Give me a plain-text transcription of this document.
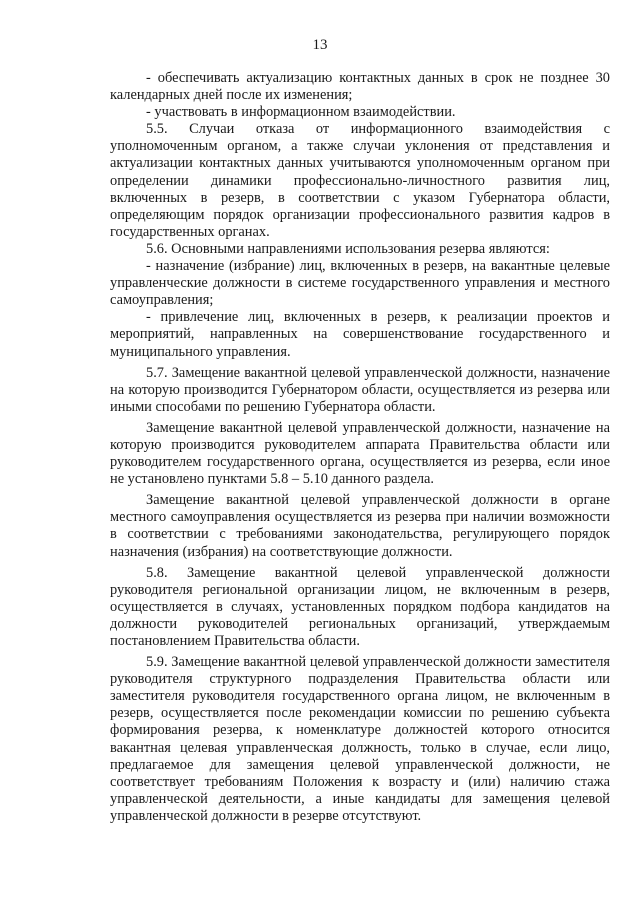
13

- обеспечивать актуализацию контактных данных в срок не позднее 30 календарных дней после их изменения;

- участвовать в информационном взаимодействии.

5.5. Случаи отказа от информационного взаимодействия с уполномоченным органом, а также случаи уклонения от представления и актуализации контактных данных учитываются уполномоченным органом при определении динамики профессионально-личностного развития лиц, включенных в резерв, в соответствии с указом Губернатора области, определяющим порядок организации профессионального развития кадров в государственных органах.

5.6. Основными направлениями использования резерва являются:

- назначение (избрание) лиц, включенных в резерв, на вакантные целевые управленческие должности в системе государственного управления и местного самоуправления;

- привлечение лиц, включенных в резерв, к реализации проектов и мероприятий, направленных на совершенствование государственного и муниципального управления.

5.7. Замещение вакантной целевой управленческой должности, назначение на которую производится Губернатором области, осуществляется из резерва или иными способами по решению Губернатора области.

Замещение вакантной целевой управленческой должности, назначение на которую производится руководителем аппарата Правительства области или руководителем государственного органа, осуществляется из резерва, если иное не установлено пунктами 5.8 – 5.10 данного раздела.

Замещение вакантной целевой управленческой должности в органе местного самоуправления осуществляется из резерва при наличии возможности в соответствии с требованиями законодательства, регулирующего порядок назначения (избрания) на соответствующие должности.

5.8. Замещение вакантной целевой управленческой должности руководителя региональной организации лицом, не включенным в резерв, осуществляется в случаях, установленных порядком подбора кандидатов на должности руководителей региональных организаций, утверждаемым постановлением Правительства области.

5.9. Замещение вакантной целевой управленческой должности заместителя руководителя структурного подразделения Правительства области или заместителя руководителя государственного органа лицом, не включенным в резерв, осуществляется после рекомендации комиссии по решению субъекта формирования резерва, к номенклатуре должностей которого относится вакантная целевая управленческая должность, только в случае, если лицо, предлагаемое для замещения целевой управленческой должности, не соответствует требованиям Положения к возрасту и (или) наличию стажа управленческой деятельности, а иные кандидаты для замещения целевой управленческой должности в резерве отсутствуют.
